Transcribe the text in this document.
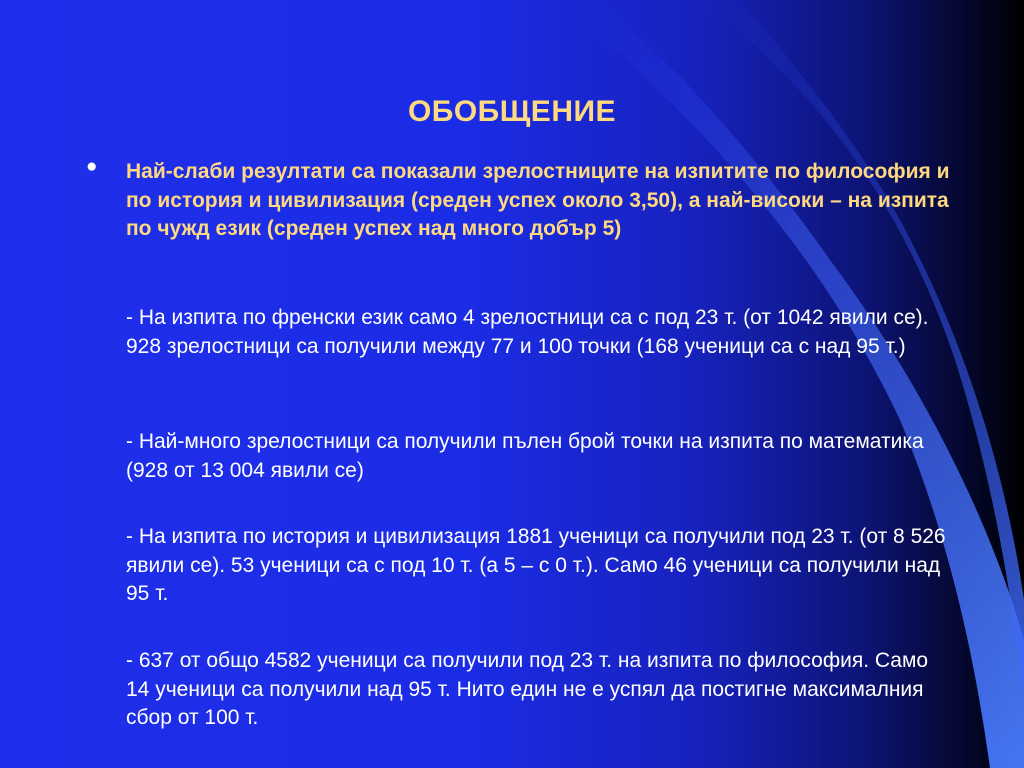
ОБОБЩЕНИЕ
● Най-слаби резултати са показали зрелостниците на изпитите по философия и по история и цивилизация (среден успех около 3,50), а най-високи – на изпита по чужд език (среден успех над много добър 5)
- На изпита по френски език само 4 зрелостници са с под 23 т. (от 1042 явили се). 928 зрелостници са получили между 77 и 100 точки (168 ученици са с над 95 т.)
- Най-много зрелостници са получили пълен брой точки на изпита по математика (928 от 13 004 явили се)
- На изпита по история и цивилизация 1881 ученици са получили под 23 т. (от 8 526 явили се). 53 ученици са с под 10 т. (а 5 – с 0 т.). Само 46 ученици са получили над 95 т.
- 637 от общо 4582 ученици са получили под 23 т. на изпита по философия. Само 14 ученици са получили над 95 т. Нито един не е успял да постигне максималния сбор от 100 т.
